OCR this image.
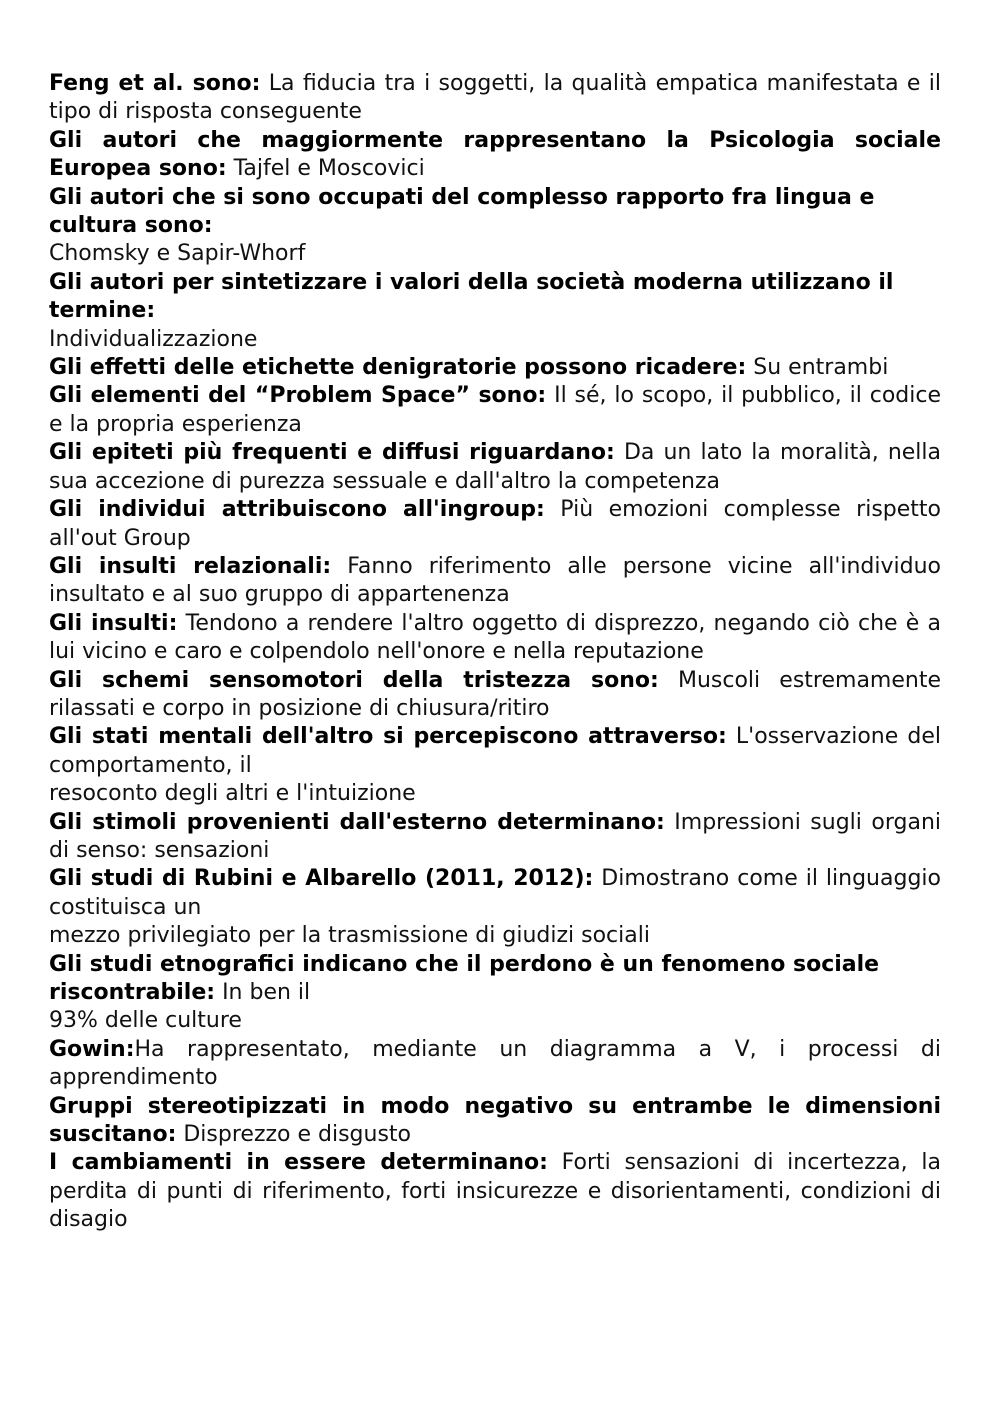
Feng et al. sono: La fiducia tra i soggetti, la qualità empatica manifestata e il tipo di risposta conseguente

Gli autori che maggiormente rappresentano la Psicologia sociale Europea sono: Tajfel e Moscovici

Gli autori che si sono occupati del complesso rapporto fra lingua e cultura sono:
Chomsky e Sapir-Whorf

Gli autori per sintetizzare i valori della società moderna utilizzano il termine:
Individualizzazione

Gli effetti delle etichette denigratorie possono ricadere: Su entrambi

Gli elementi del “Problem Space” sono: Il sé, lo scopo, il pubblico, il codice e la propria esperienza

Gli epiteti più frequenti e diffusi riguardano: Da un lato la moralità, nella sua accezione di purezza sessuale e dall'altro la competenza

Gli individui attribuiscono all'ingroup: Più emozioni complesse rispetto all'out Group

Gli insulti relazionali: Fanno riferimento alle persone vicine all'individuo insultato e al suo gruppo di appartenenza

Gli insulti: Tendono a rendere l'altro oggetto di disprezzo, negando ciò che è a lui vicino e caro e colpendolo nell'onore e nella reputazione

Gli schemi sensomotori della tristezza sono: Muscoli estremamente rilassati e corpo in posizione di chiusura/ritiro

Gli stati mentali dell'altro si percepiscono attraverso: L'osservazione del comportamento, il
resoconto degli altri e l'intuizione

Gli stimoli provenienti dall'esterno determinano: Impressioni sugli organi di senso: sensazioni

Gli studi di Rubini e Albarello (2011, 2012): Dimostrano come il linguaggio costituisca un
mezzo privilegiato per la trasmissione di giudizi sociali

Gli studi etnografici indicano che il perdono è un fenomeno sociale riscontrabile: In ben il
93% delle culture

Gowin:Ha rappresentato, mediante un diagramma a V, i processi di apprendimento

Gruppi stereotipizzati in modo negativo su entrambe le dimensioni suscitano: Disprezzo e disgusto

I cambiamenti in essere determinano: Forti sensazioni di incertezza, la perdita di punti di riferimento, forti insicurezze e disorientamenti, condizioni di disagio
